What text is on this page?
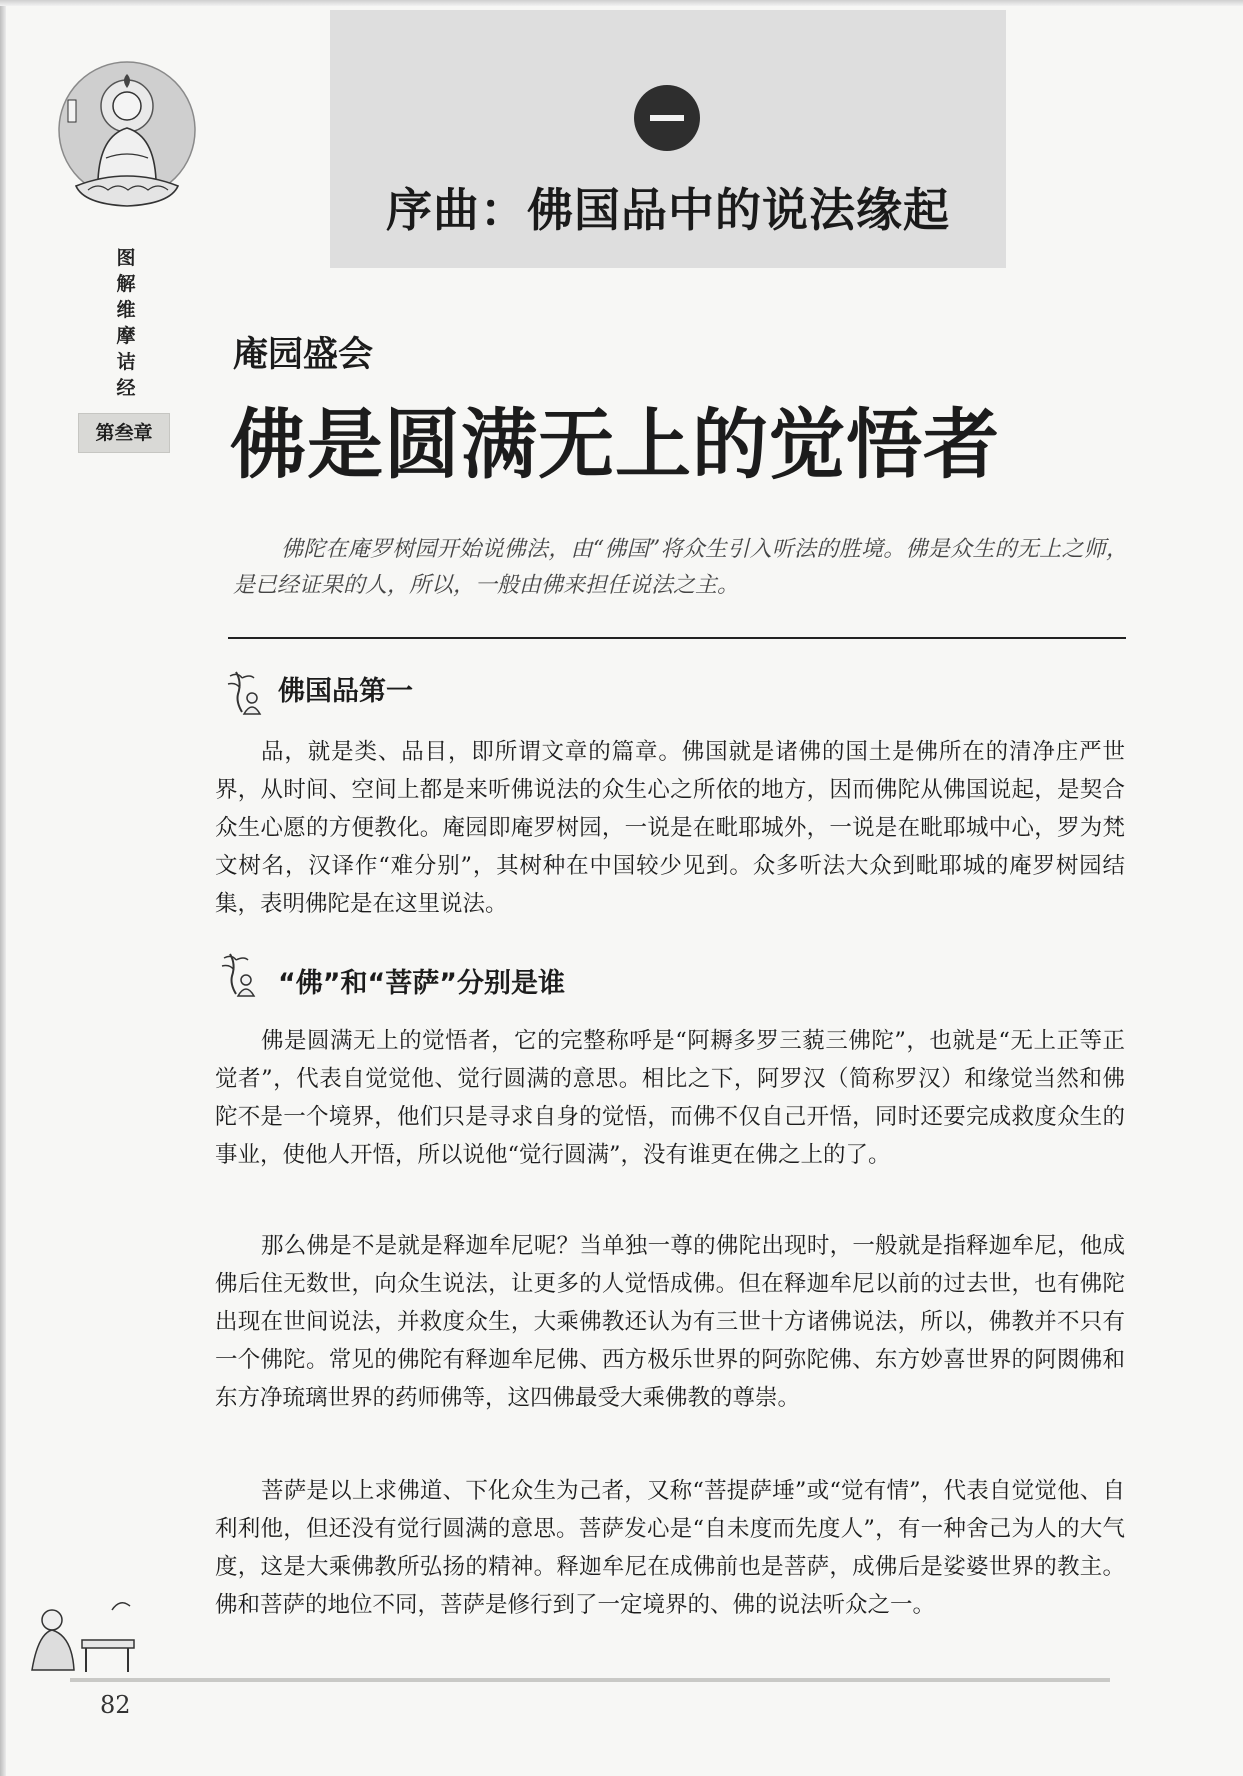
图
解
维
摩
诘
经
第叁章
序曲：佛国品中的说法缘起
庵园盛会
佛是圆满无上的觉悟者
佛陀在庵罗树园开始说佛法，由“佛国”将众生引入听法的胜境。佛是众生的无上之师，是已经证果的人，所以，一般由佛来担任说法之主。
佛国品第一
品，就是类、品目，即所谓文章的篇章。佛国就是诸佛的国土是佛所在的清净庄严世界，从时间、空间上都是来听佛说法的众生心之所依的地方，因而佛陀从佛国说起，是契合众生心愿的方便教化。庵园即庵罗树园，一说是在毗耶城外，一说是在毗耶城中心，罗为梵文树名，汉译作“难分别”，其树种在中国较少见到。众多听法大众到毗耶城的庵罗树园结集，表明佛陀是在这里说法。
“佛”和“菩萨”分别是谁
佛是圆满无上的觉悟者，它的完整称呼是“阿耨多罗三藐三佛陀”，也就是“无上正等正觉者”，代表自觉觉他、觉行圆满的意思。相比之下，阿罗汉（简称罗汉）和缘觉当然和佛陀不是一个境界，他们只是寻求自身的觉悟，而佛不仅自己开悟，同时还要完成救度众生的事业，使他人开悟，所以说他“觉行圆满”，没有谁更在佛之上的了。
那么佛是不是就是释迦牟尼呢？当单独一尊的佛陀出现时，一般就是指释迦牟尼，他成佛后住无数世，向众生说法，让更多的人觉悟成佛。但在释迦牟尼以前的过去世，也有佛陀出现在世间说法，并救度众生，大乘佛教还认为有三世十方诸佛说法，所以，佛教并不只有一个佛陀。常见的佛陀有释迦牟尼佛、西方极乐世界的阿弥陀佛、东方妙喜世界的阿閦佛和东方净琉璃世界的药师佛等，这四佛最受大乘佛教的尊崇。
菩萨是以上求佛道、下化众生为己者，又称“菩提萨埵”或“觉有情”，代表自觉觉他、自利利他，但还没有觉行圆满的意思。菩萨发心是“自未度而先度人”，有一种舍己为人的大气度，这是大乘佛教所弘扬的精神。释迦牟尼在成佛前也是菩萨，成佛后是娑婆世界的教主。佛和菩萨的地位不同，菩萨是修行到了一定境界的、佛的说法听众之一。
82
